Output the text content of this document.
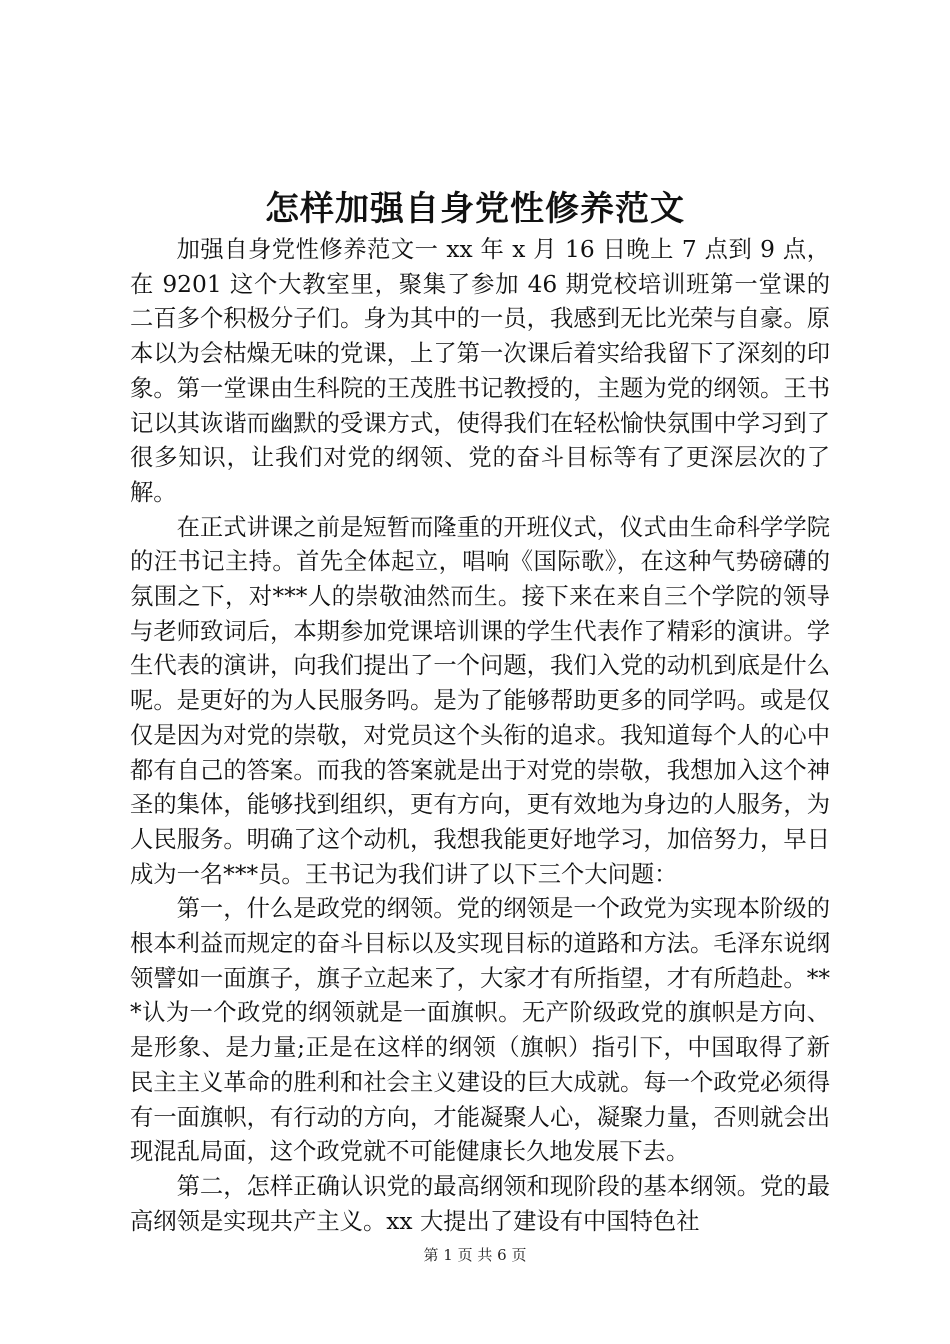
怎样加强自身党性修养范文

加强自身党性修养范文一 xx 年 x 月 16 日晚上 7 点到 9 点，在 9201 这个大教室里，聚集了参加 46 期党校培训班第一堂课的二百多个积极分子们。身为其中的一员，我感到无比光荣与自豪。原本以为会枯燥无味的党课，上了第一次课后着实给我留下了深刻的印象。第一堂课由生科院的王茂胜书记教授的，主题为党的纲领。王书记以其诙谐而幽默的受课方式，使得我们在轻松愉快氛围中学习到了很多知识，让我们对党的纲领、党的奋斗目标等有了更深层次的了解。

在正式讲课之前是短暂而隆重的开班仪式，仪式由生命科学学院的汪书记主持。首先全体起立，唱响《国际歌》，在这种气势磅礴的氛围之下，对***人的崇敬油然而生。接下来在来自三个学院的领导与老师致词后，本期参加党课培训课的学生代表作了精彩的演讲。学生代表的演讲，向我们提出了一个问题，我们入党的动机到底是什么呢。是更好的为人民服务吗。是为了能够帮助更多的同学吗。或是仅仅是因为对党的崇敬，对党员这个头衔的追求。我知道每个人的心中都有自己的答案。而我的答案就是出于对党的崇敬，我想加入这个神圣的集体，能够找到组织，更有方向，更有效地为身边的人服务，为人民服务。明确了这个动机，我想我能更好地学习，加倍努力，早日成为一名***员。王书记为我们讲了以下三个大问题：

第一，什么是政党的纲领。党的纲领是一个政党为实现本阶级的根本利益而规定的奋斗目标以及实现目标的道路和方法。毛泽东说纲领譬如一面旗子，旗子立起来了，大家才有所指望，才有所趋赴。***认为一个政党的纲领就是一面旗帜。无产阶级政党的旗帜是方向、是形象、是力量;正是在这样的纲领（旗帜）指引下，中国取得了新民主主义革命的胜利和社会主义建设的巨大成就。每一个政党必须得有一面旗帜，有行动的方向，才能凝聚人心，凝聚力量，否则就会出现混乱局面，这个政党就不可能健康长久地发展下去。

第二，怎样正确认识党的最高纲领和现阶段的基本纲领。党的最高纲领是实现共产主义。xx 大提出了建设有中国特色社

第 1 页 共 6 页
